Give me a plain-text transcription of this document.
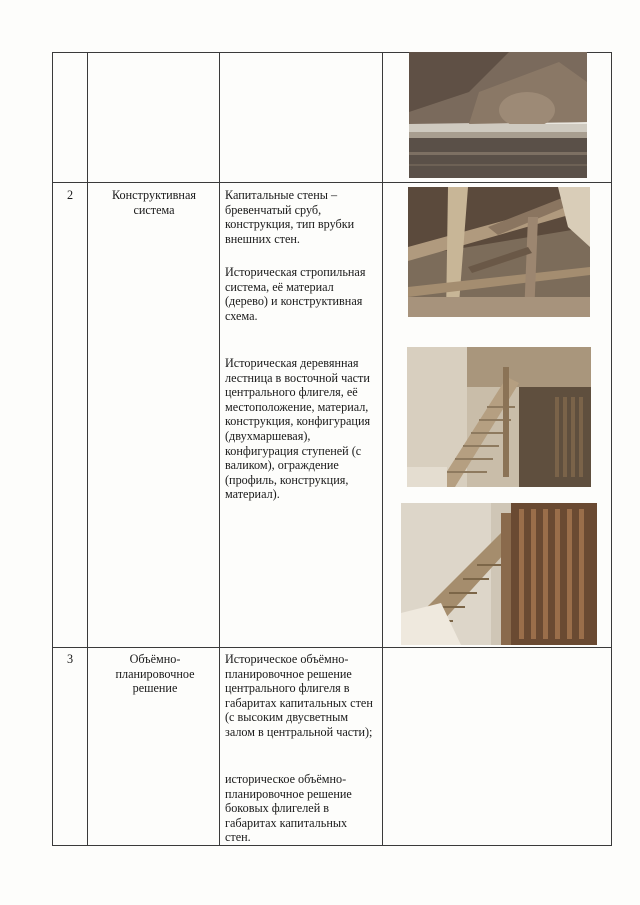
2	Конструктивная система

Капитальные стены – бревенчатый сруб, конструкция, тип врубки внешних стен.

Историческая стропильная система, её материал (дерево) и конструктивная схема.

Историческая деревянная лестница в восточной части центрального флигеля, её местоположение, материал, конструкция, конфигурация (двухмаршевая), конфигурация ступеней (с валиком), ограждение (профиль, конструкция, материал).

3	Объёмно-планировочное решение

Историческое объёмно-планировочное решение центрального флигеля в габаритах капитальных стен (с высоким двусветным залом в центральной части);

историческое объёмно-планировочное решение боковых флигелей в габаритах капитальных стен.
